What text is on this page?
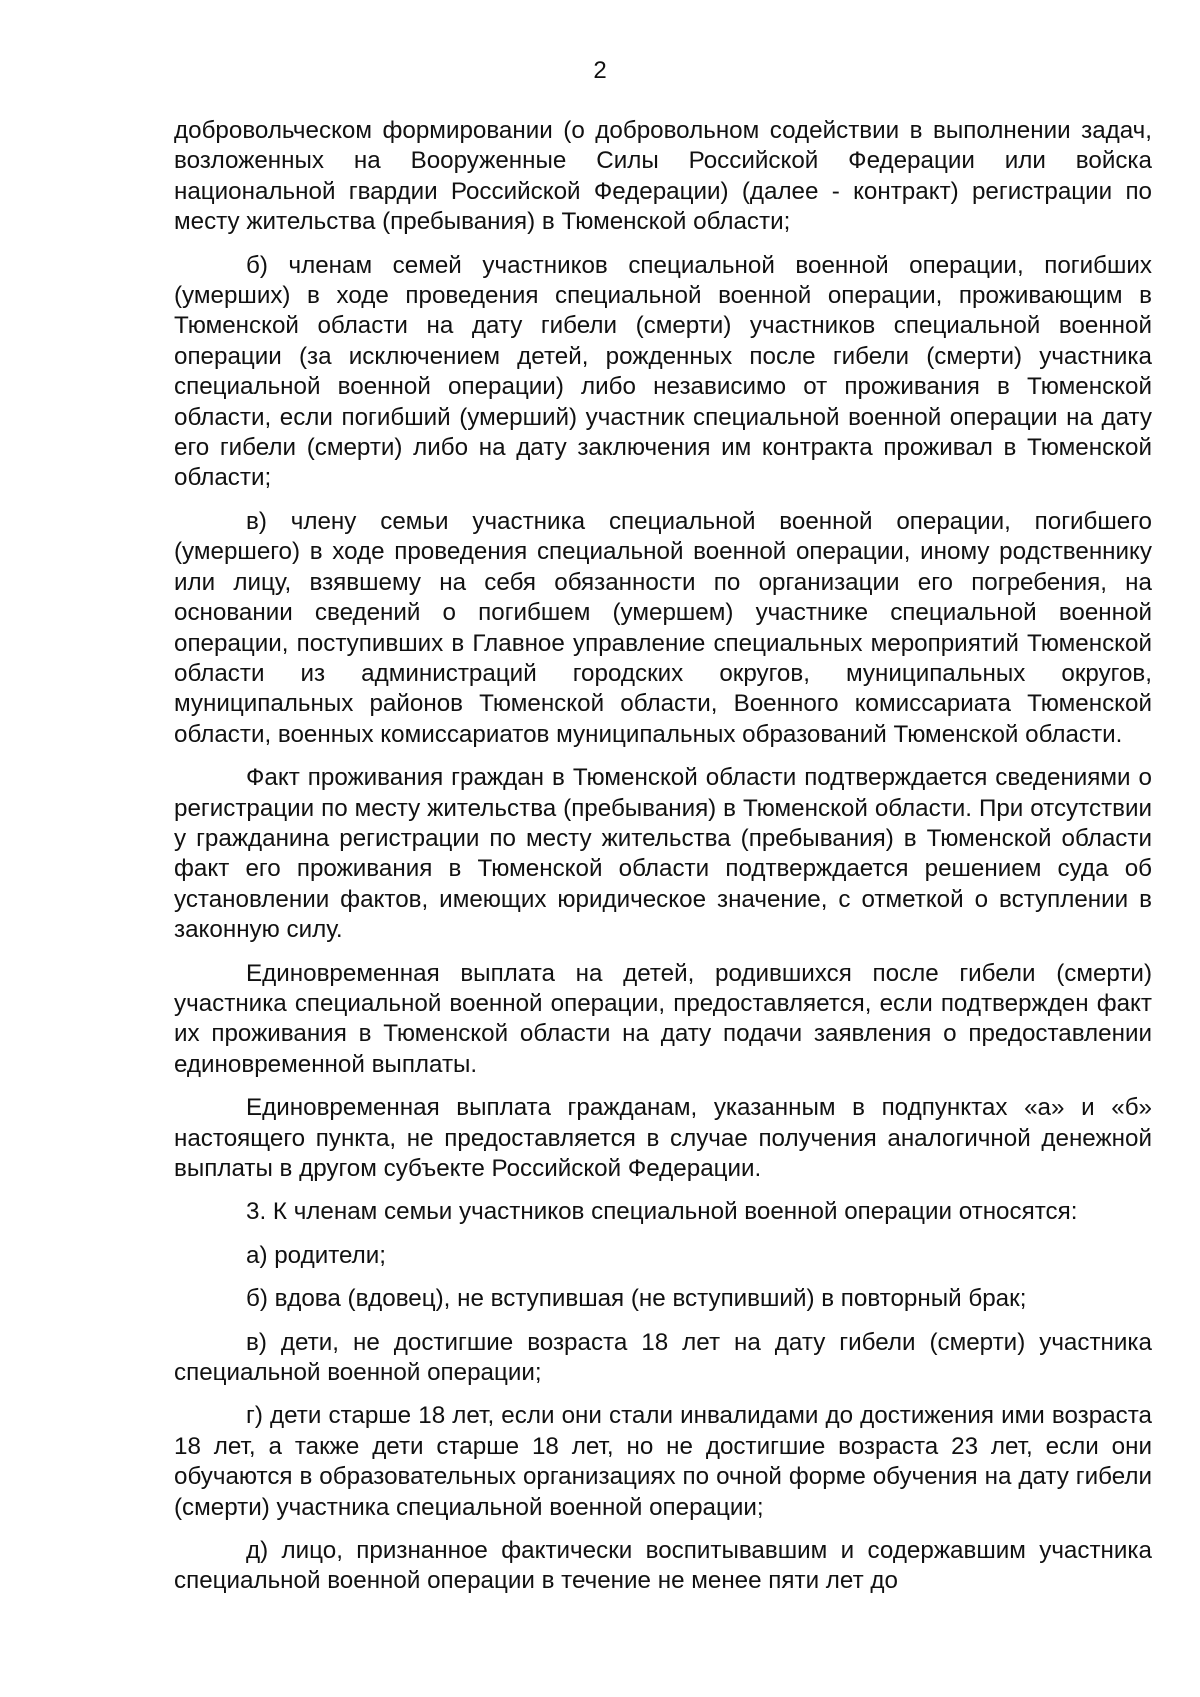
2

добровольческом формировании (о добровольном содействии в выполнении задач, возложенных на Вооруженные Силы Российской Федерации или войска национальной гвардии Российской Федерации) (далее - контракт) регистрации по месту жительства (пребывания) в Тюменской области;

б) членам семей участников специальной военной операции, погибших (умерших) в ходе проведения специальной военной операции, проживающим в Тюменской области на дату гибели (смерти) участников специальной военной операции (за исключением детей, рожденных после гибели (смерти) участника специальной военной операции) либо независимо от проживания в Тюменской области, если погибший (умерший) участник специальной военной операции на дату его гибели (смерти) либо на дату заключения им контракта проживал в Тюменской области;

в) члену семьи участника специальной военной операции, погибшего (умершего) в ходе проведения специальной военной операции, иному родственнику или лицу, взявшему на себя обязанности по организации его погребения, на основании сведений о погибшем (умершем) участнике специальной военной операции, поступивших в Главное управление специальных мероприятий Тюменской области из администраций городских округов, муниципальных округов, муниципальных районов Тюменской области, Военного комиссариата Тюменской области, военных комиссариатов муниципальных образований Тюменской области.

Факт проживания граждан в Тюменской области подтверждается сведениями о регистрации по месту жительства (пребывания) в Тюменской области. При отсутствии у гражданина регистрации по месту жительства (пребывания) в Тюменской области факт его проживания в Тюменской области подтверждается решением суда об установлении фактов, имеющих юридическое значение, с отметкой о вступлении в законную силу.

Единовременная выплата на детей, родившихся после гибели (смерти) участника специальной военной операции, предоставляется, если подтвержден факт их проживания в Тюменской области на дату подачи заявления о предоставлении единовременной выплаты.

Единовременная выплата гражданам, указанным в подпунктах «а» и «б» настоящего пункта, не предоставляется в случае получения аналогичной денежной выплаты в другом субъекте Российской Федерации.

3. К членам семьи участников специальной военной операции относятся:

а) родители;

б) вдова (вдовец), не вступившая (не вступивший) в повторный брак;

в) дети, не достигшие возраста 18 лет на дату гибели (смерти) участника специальной военной операции;

г) дети старше 18 лет, если они стали инвалидами до достижения ими возраста 18 лет, а также дети старше 18 лет, но не достигшие возраста 23 лет, если они обучаются в образовательных организациях по очной форме обучения на дату гибели (смерти) участника специальной военной операции;

д) лицо, признанное фактически воспитывавшим и содержавшим участника специальной военной операции в течение не менее пяти лет до
